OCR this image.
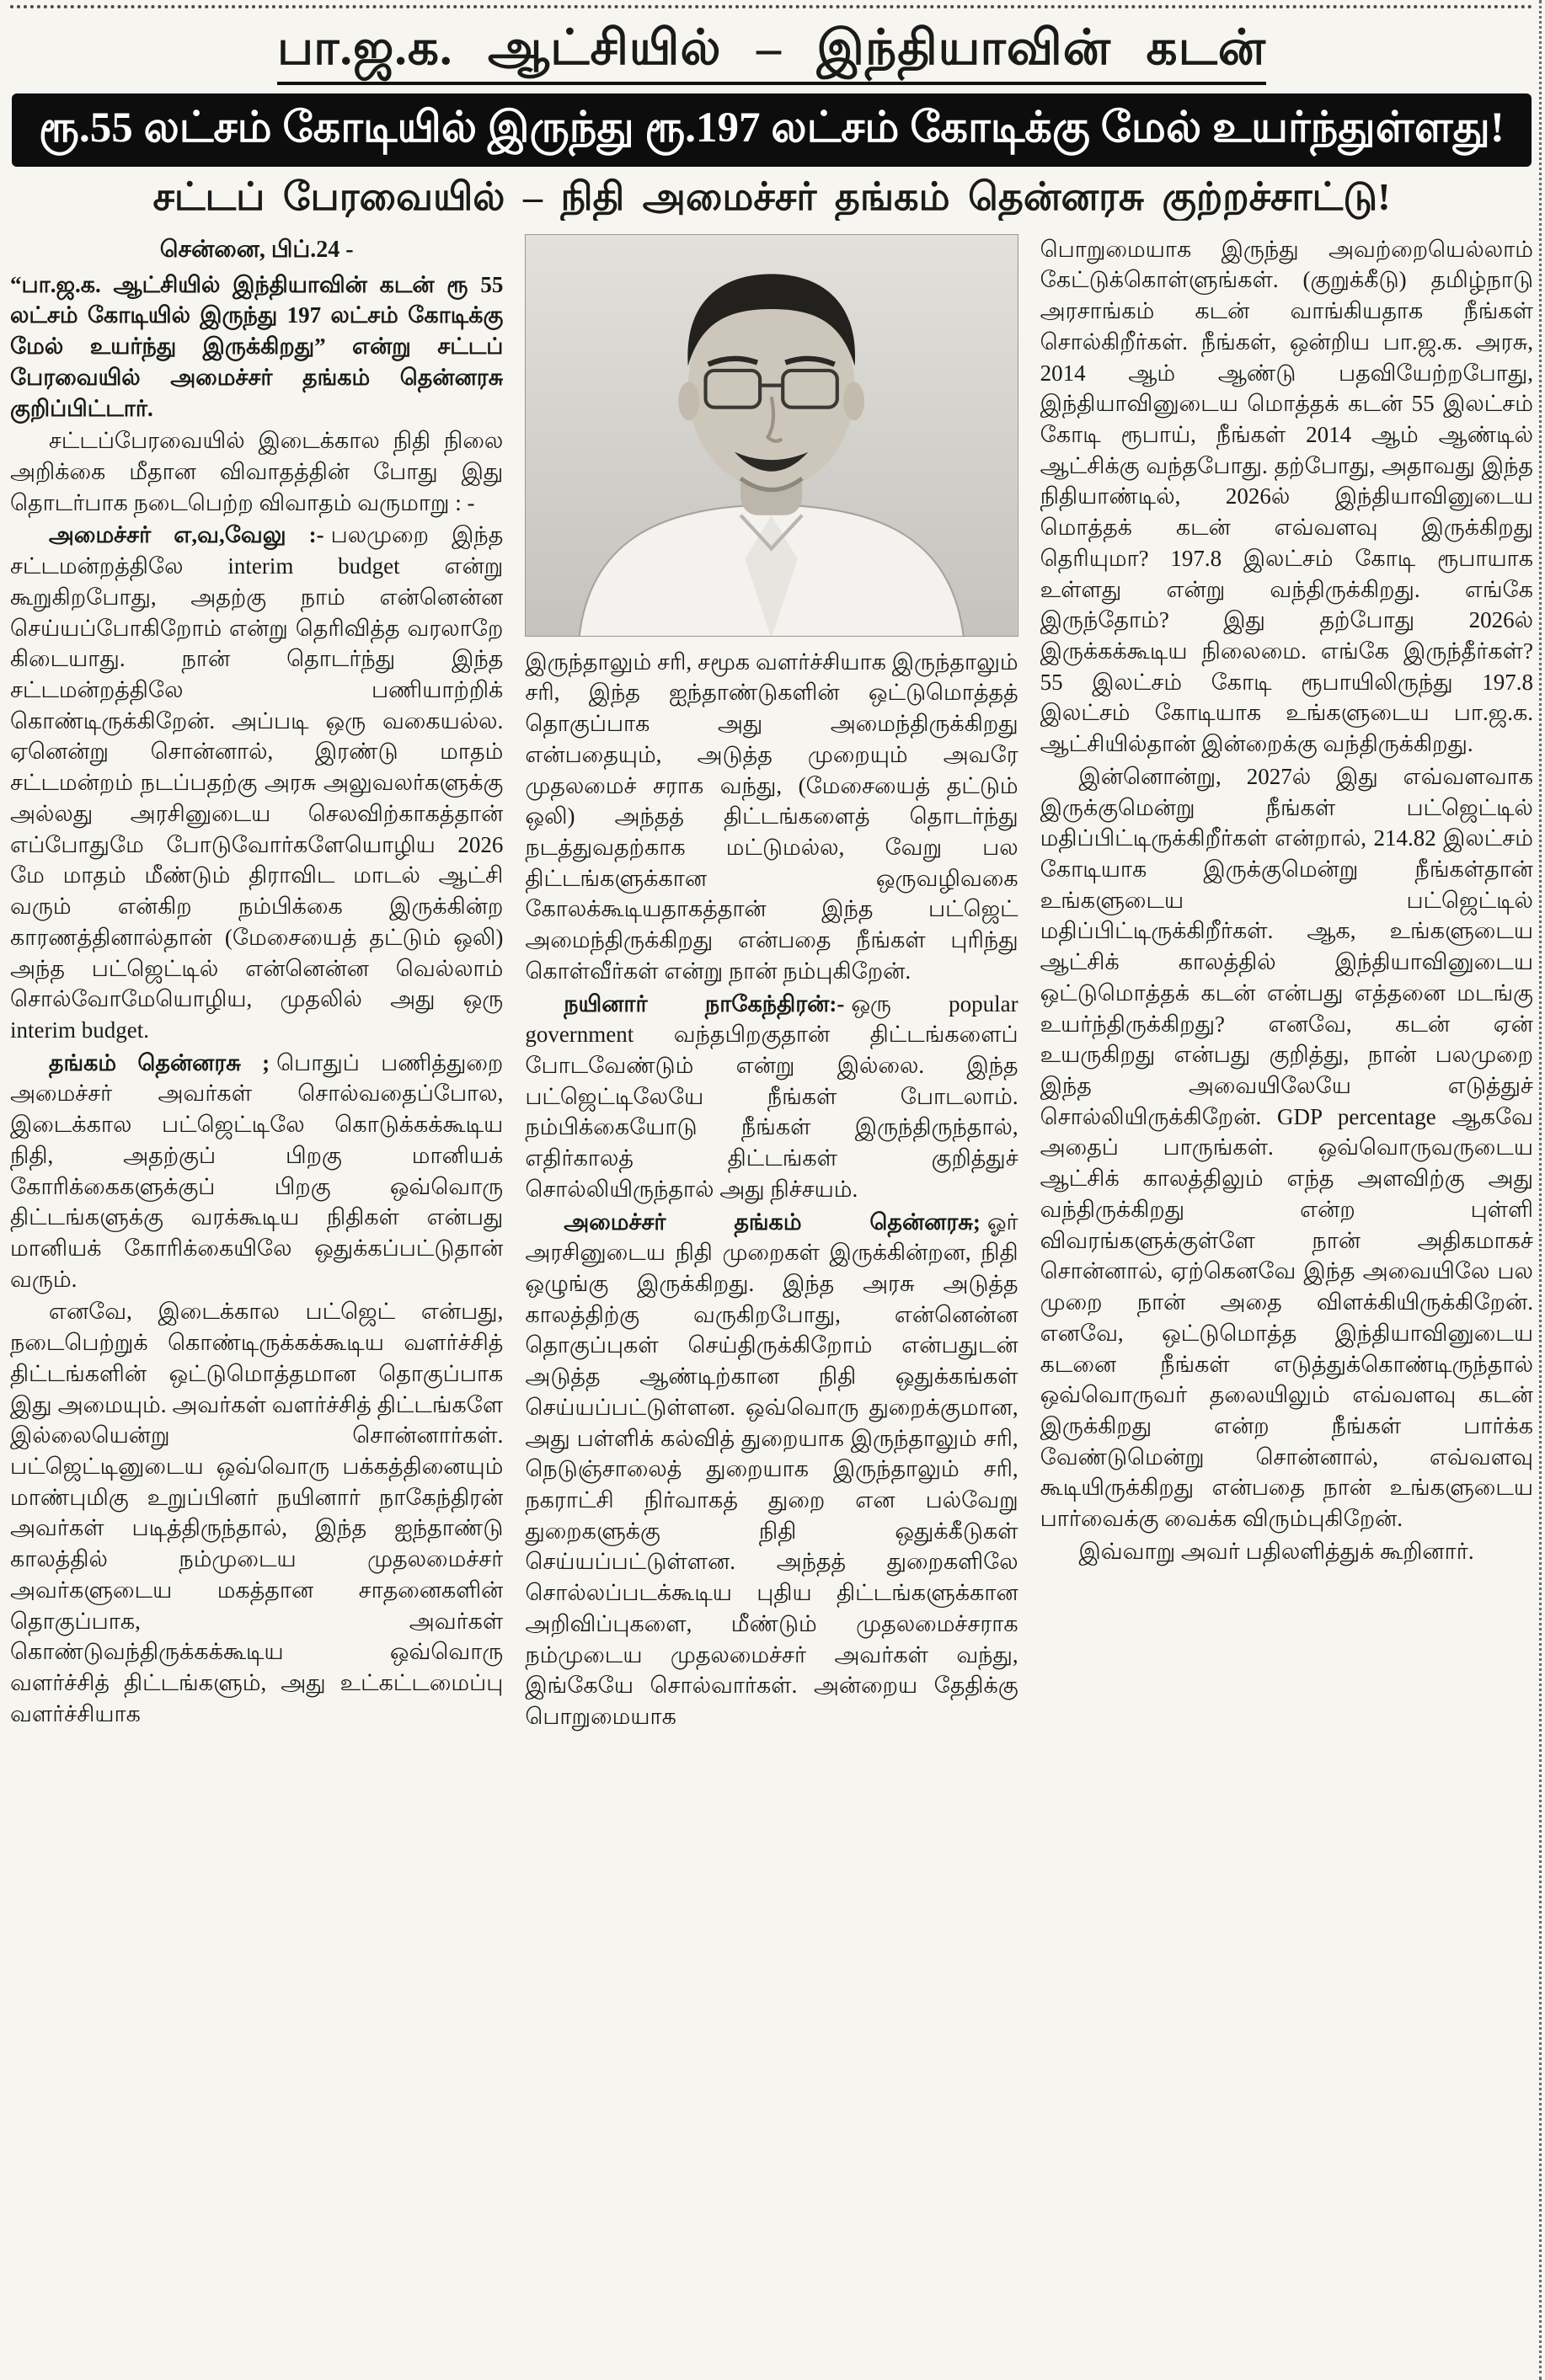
பா.ஜ.க. ஆட்சியில் – இந்தியாவின் கடன்
ரூ.55 லட்சம் கோடியில் இருந்து ரூ.197 லட்சம் கோடிக்கு மேல் உயர்ந்துள்ளது!
சட்டப் பேரவையில் – நிதி அமைச்சர் தங்கம் தென்னரசு குற்றச்சாட்டு!

சென்னை, பிப்.24 -

“பா.ஜ.க. ஆட்சியில் இந்தியாவின் கடன் ரூ 55 லட்சம் கோடியில் இருந்து 197 லட்சம் கோடிக்கு மேல் உயர்ந்து இருக்கிறது” என்று சட்டப் பேரவையில் அமைச்சர் தங்கம் தென்னரசு குறிப்பிட்டார்.

சட்டப்பேரவையில் இடைக்கால நிதி நிலை அறிக்கை மீதான விவாதத்தின் போது இது தொடர்பாக நடைபெற்ற விவாதம் வருமாறு : -

அமைச்சர் எ,வ,வேலு :- பலமுறை இந்த சட்டமன்றத்திலே interim budget என்று கூறுகிறபோது, அதற்கு நாம் என்னென்ன செய்யப்போகிறோம் என்று தெரிவித்த வரலாறே கிடையாது. நான் தொடர்ந்து இந்த சட்டமன்றத்திலே பணியாற்றிக் கொண்டிருக்கிறேன். அப்படி ஒரு வகையல்ல. ஏனென்று சொன்னால், இரண்டு மாதம் சட்டமன்றம் நடப்பதற்கு அரசு அலுவலர்களுக்கு அல்லது அரசினுடைய செலவிற்காகத்தான் எப்போதுமே போடுவோர்களேயொழிய 2026 மே மாதம் மீண்டும் திராவிட மாடல் ஆட்சி வரும் என்கிற நம்பிக்கை இருக்கின்ற காரணத்தினால்தான் (மேசையைத் தட்டும் ஒலி) அந்த பட்ஜெட்டில் என்னென்ன வெல்லாம் சொல்வோமேயொழிய, முதலில் அது ஒரு interim budget.

தங்கம் தென்னரசு ; பொதுப் பணித்துறை அமைச்சர் அவர்கள் சொல்வதைப்போல, இடைக்கால பட்ஜெட்டிலே கொடுக்கக்கூடிய நிதி, அதற்குப் பிறகு மானியக் கோரிக்கைகளுக்குப் பிறகு ஒவ்வொரு திட்டங்களுக்கு வரக்கூடிய நிதிகள் என்பது மானியக் கோரிக்கையிலே ஒதுக்கப்பட்டுதான் வரும்.

எனவே, இடைக்கால பட்ஜெட் என்பது, நடைபெற்றுக் கொண்டிருக்கக்கூடிய வளர்ச்சித் திட்டங்களின் ஒட்டுமொத்தமான தொகுப்பாக இது அமையும். அவர்கள் வளர்ச்சித் திட்டங்களே இல்லையென்று சொன்னார்கள். பட்ஜெட்டினுடைய ஒவ்வொரு பக்கத்தினையும் மாண்புமிகு உறுப்பினர் நயினார் நாகேந்திரன் அவர்கள் படித்திருந்தால், இந்த ஐந்தாண்டு காலத்தில் நம்முடைய முதலமைச்சர் அவர்களுடைய மகத்தான சாதனைகளின் தொகுப்பாக, அவர்கள் கொண்டுவந்திருக்கக்கூடிய ஒவ்வொரு வளர்ச்சித் திட்டங்களும், அது உட்கட்டமைப்பு வளர்ச்சியாக

இருந்தாலும் சரி, சமூக வளர்ச்சியாக இருந்தாலும் சரி, இந்த ஐந்தாண்டுகளின் ஒட்டுமொத்தத் தொகுப்பாக அது அமைந்திருக்கிறது என்பதையும், அடுத்த முறையும் அவரே முதலமைச் சராக வந்து, (மேசையைத் தட்டும் ஒலி) அந்தத் திட்டங்களைத் தொடர்ந்து நடத்துவதற்காக மட்டுமல்ல, வேறு பல திட்டங்களுக்கான ஒருவழிவகை கோலக்கூடியதாகத்தான் இந்த பட்ஜெட் அமைந்திருக்கிறது என்பதை நீங்கள் புரிந்து கொள்வீர்கள் என்று நான் நம்புகிறேன்.

நயினார் நாகேந்திரன்:- ஒரு popular government வந்தபிறகுதான் திட்டங்களைப் போடவேண்டும் என்று இல்லை. இந்த பட்ஜெட்டிலேயே நீங்கள் போடலாம். நம்பிக்கையோடு நீங்கள் இருந்திருந்தால், எதிர்காலத் திட்டங்கள் குறித்துச் சொல்லியிருந்தால் அது நிச்சயம்.

அமைச்சர் தங்கம் தென்னரசு; ஓர் அரசினுடைய நிதி முறைகள் இருக்கின்றன, நிதி ஒழுங்கு இருக்கிறது. இந்த அரசு அடுத்த காலத்திற்கு வருகிறபோது, என்னென்ன தொகுப்புகள் செய்திருக்கிறோம் என்பதுடன் அடுத்த ஆண்டிற்கான நிதி ஒதுக்கங்கள் செய்யப்பட்டுள்ளன. ஒவ்வொரு துறைக்குமான, அது பள்ளிக் கல்வித் துறையாக இருந்தாலும் சரி, நெடுஞ்சாலைத் துறையாக இருந்தாலும் சரி, நகராட்சி நிர்வாகத் துறை என பல்வேறு துறைகளுக்கு நிதி ஒதுக்கீடுகள் செய்யப்பட்டுள்ளன. அந்தத் துறைகளிலே சொல்லப்படக்கூடிய புதிய திட்டங்களுக்கான அறிவிப்புகளை, மீண்டும் முதலமைச்சராக நம்முடைய முதலமைச்சர் அவர்கள் வந்து, இங்கேயே சொல்வார்கள். அன்றைய தேதிக்கு பொறுமையாக

பொறுமையாக இருந்து அவற்றையெல்லாம் கேட்டுக்கொள்ளுங்கள். (குறுக்கீடு) தமிழ்நாடு அரசாங்கம் கடன் வாங்கியதாக நீங்கள் சொல்கிறீர்கள். நீங்கள், ஒன்றிய பா.ஜ.க. அரசு, 2014 ஆம் ஆண்டு பதவியேற்றபோது, இந்தியாவினுடைய மொத்தக் கடன் 55 இலட்சம் கோடி ரூபாய், நீங்கள் 2014 ஆம் ஆண்டில் ஆட்சிக்கு வந்தபோது. தற்போது, அதாவது இந்த நிதியாண்டில், 2026ல் இந்தியாவினுடைய மொத்தக் கடன் எவ்வளவு இருக்கிறது தெரியுமா? 197.8 இலட்சம் கோடி ரூபாயாக உள்ளது என்று வந்திருக்கிறது. எங்கே இருந்தோம்? இது தற்போது 2026ல் இருக்கக்கூடிய நிலைமை. எங்கே இருந்தீர்கள்? 55 இலட்சம் கோடி ரூபாயிலிருந்து 197.8 இலட்சம் கோடியாக உங்களுடைய பா.ஜ.க. ஆட்சியில்தான் இன்றைக்கு வந்திருக்கிறது.

இன்னொன்று, 2027ல் இது எவ்வளவாக இருக்குமென்று நீங்கள் பட்ஜெட்டில் மதிப்பிட்டிருக்கிறீர்கள் என்றால், 214.82 இலட்சம் கோடியாக இருக்குமென்று நீங்கள்தான் உங்களுடைய பட்ஜெட்டில் மதிப்பிட்டிருக்கிறீர்கள். ஆக, உங்களுடைய ஆட்சிக் காலத்தில் இந்தியாவினுடைய ஒட்டுமொத்தக் கடன் என்பது எத்தனை மடங்கு உயர்ந்திருக்கிறது? எனவே, கடன் ஏன் உயருகிறது என்பது குறித்து, நான் பலமுறை இந்த அவையிலேயே எடுத்துச் சொல்லியிருக்கிறேன். GDP percentage ஆகவே அதைப் பாருங்கள். ஒவ்வொருவருடைய ஆட்சிக் காலத்திலும் எந்த அளவிற்கு அது வந்திருக்கிறது என்ற புள்ளி விவரங்களுக்குள்ளே நான் அதிகமாகச் சொன்னால், ஏற்கெனவே இந்த அவையிலே பல முறை நான் அதை விளக்கியிருக்கிறேன். எனவே, ஒட்டுமொத்த இந்தியாவினுடைய கடனை நீங்கள் எடுத்துக்கொண்டிருந்தால் ஒவ்வொருவர் தலையிலும் எவ்வளவு கடன் இருக்கிறது என்ற நீங்கள் பார்க்க வேண்டுமென்று சொன்னால், எவ்வளவு கூடியிருக்கிறது என்பதை நான் உங்களுடைய பார்வைக்கு வைக்க விரும்புகிறேன்.

இவ்வாறு அவர் பதிலளித்துக் கூறினார்.
